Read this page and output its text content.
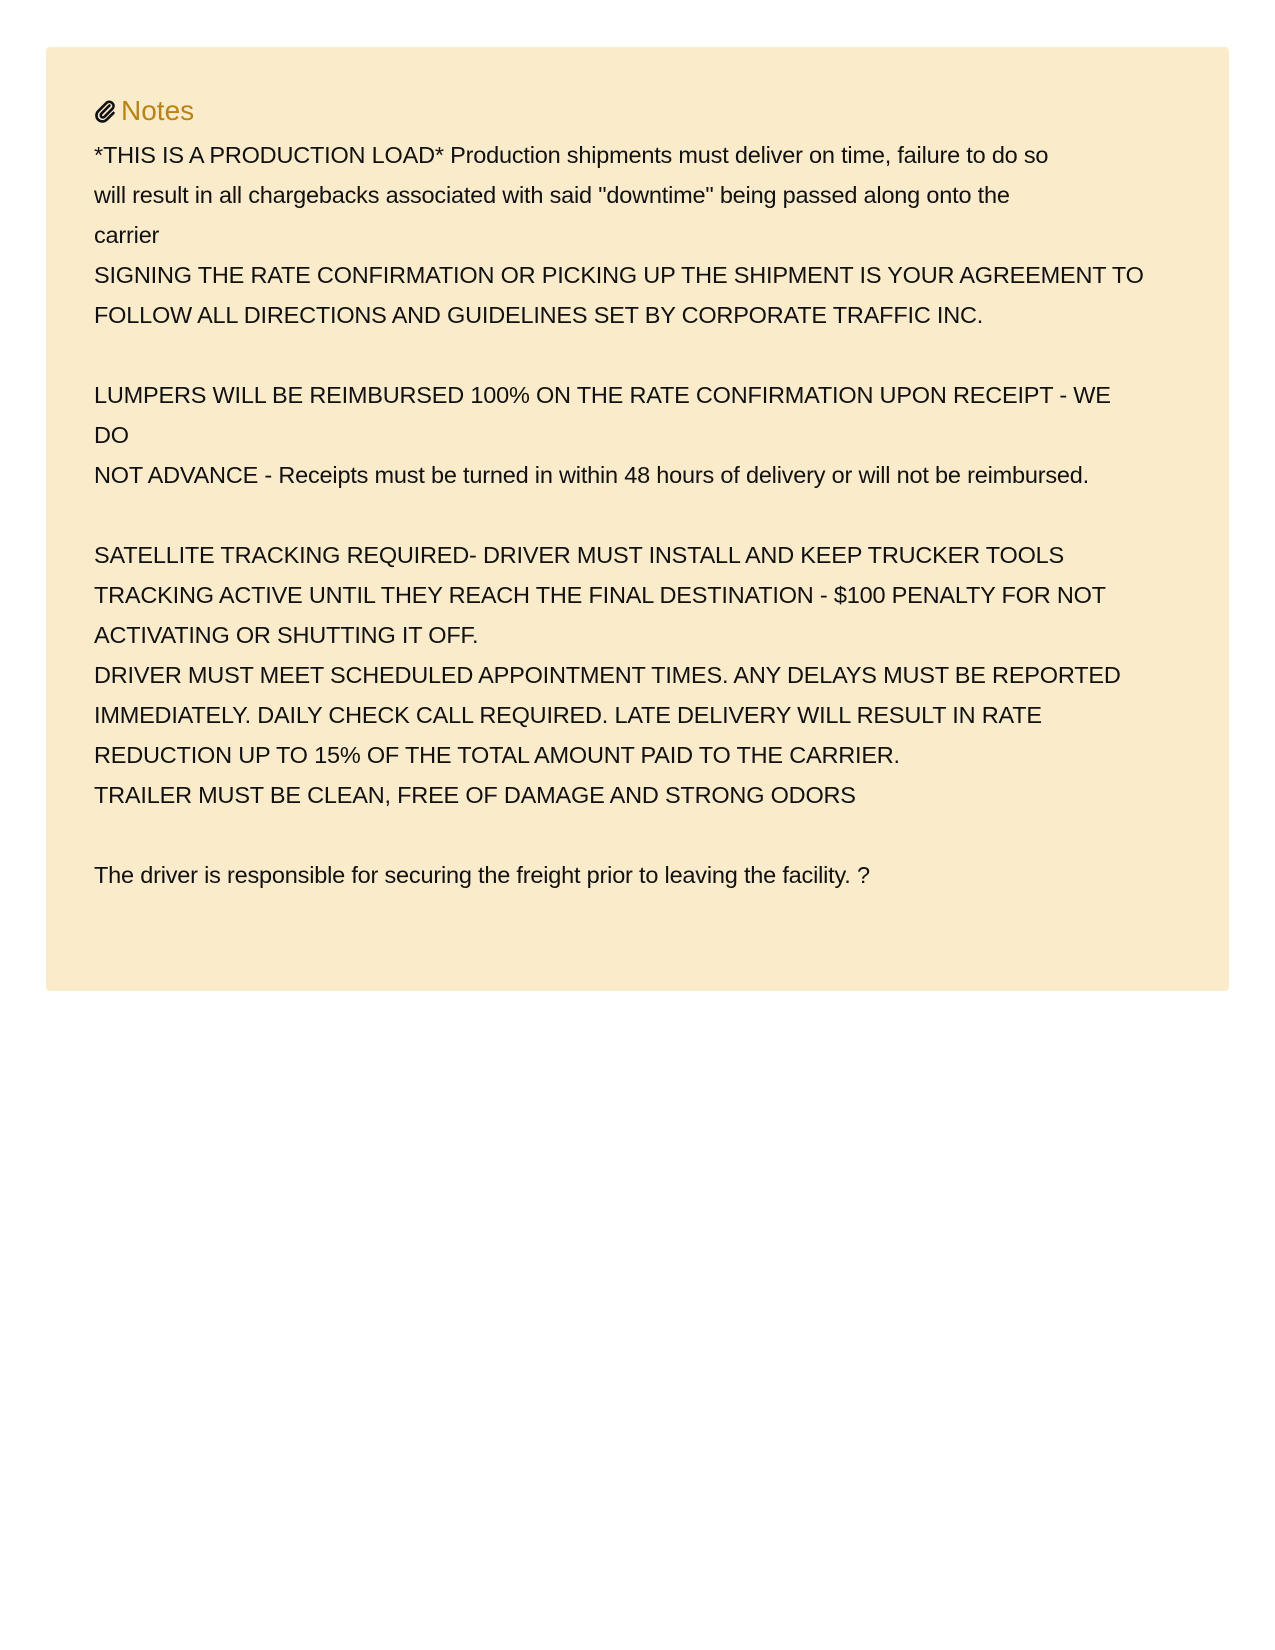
Notes
*THIS IS A PRODUCTION LOAD* Production shipments must deliver on time, failure to do so
will result in all chargebacks associated with said "downtime" being passed along onto the
carrier
SIGNING THE RATE CONFIRMATION OR PICKING UP THE SHIPMENT IS YOUR AGREEMENT TO
FOLLOW ALL DIRECTIONS AND GUIDELINES SET BY CORPORATE TRAFFIC INC.
LUMPERS WILL BE REIMBURSED 100% ON THE RATE CONFIRMATION UPON RECEIPT - WE
DO
NOT ADVANCE - Receipts must be turned in within 48 hours of delivery or will not be reimbursed.
SATELLITE TRACKING REQUIRED- DRIVER MUST INSTALL AND KEEP TRUCKER TOOLS
TRACKING ACTIVE UNTIL THEY REACH THE FINAL DESTINATION - $100 PENALTY FOR NOT
ACTIVATING OR SHUTTING IT OFF.
DRIVER MUST MEET SCHEDULED APPOINTMENT TIMES. ANY DELAYS MUST BE REPORTED
IMMEDIATELY. DAILY CHECK CALL REQUIRED. LATE DELIVERY WILL RESULT IN RATE
REDUCTION UP TO 15% OF THE TOTAL AMOUNT PAID TO THE CARRIER.
TRAILER MUST BE CLEAN, FREE OF DAMAGE AND STRONG ODORS
The driver is responsible for securing the freight prior to leaving the facility. ?
